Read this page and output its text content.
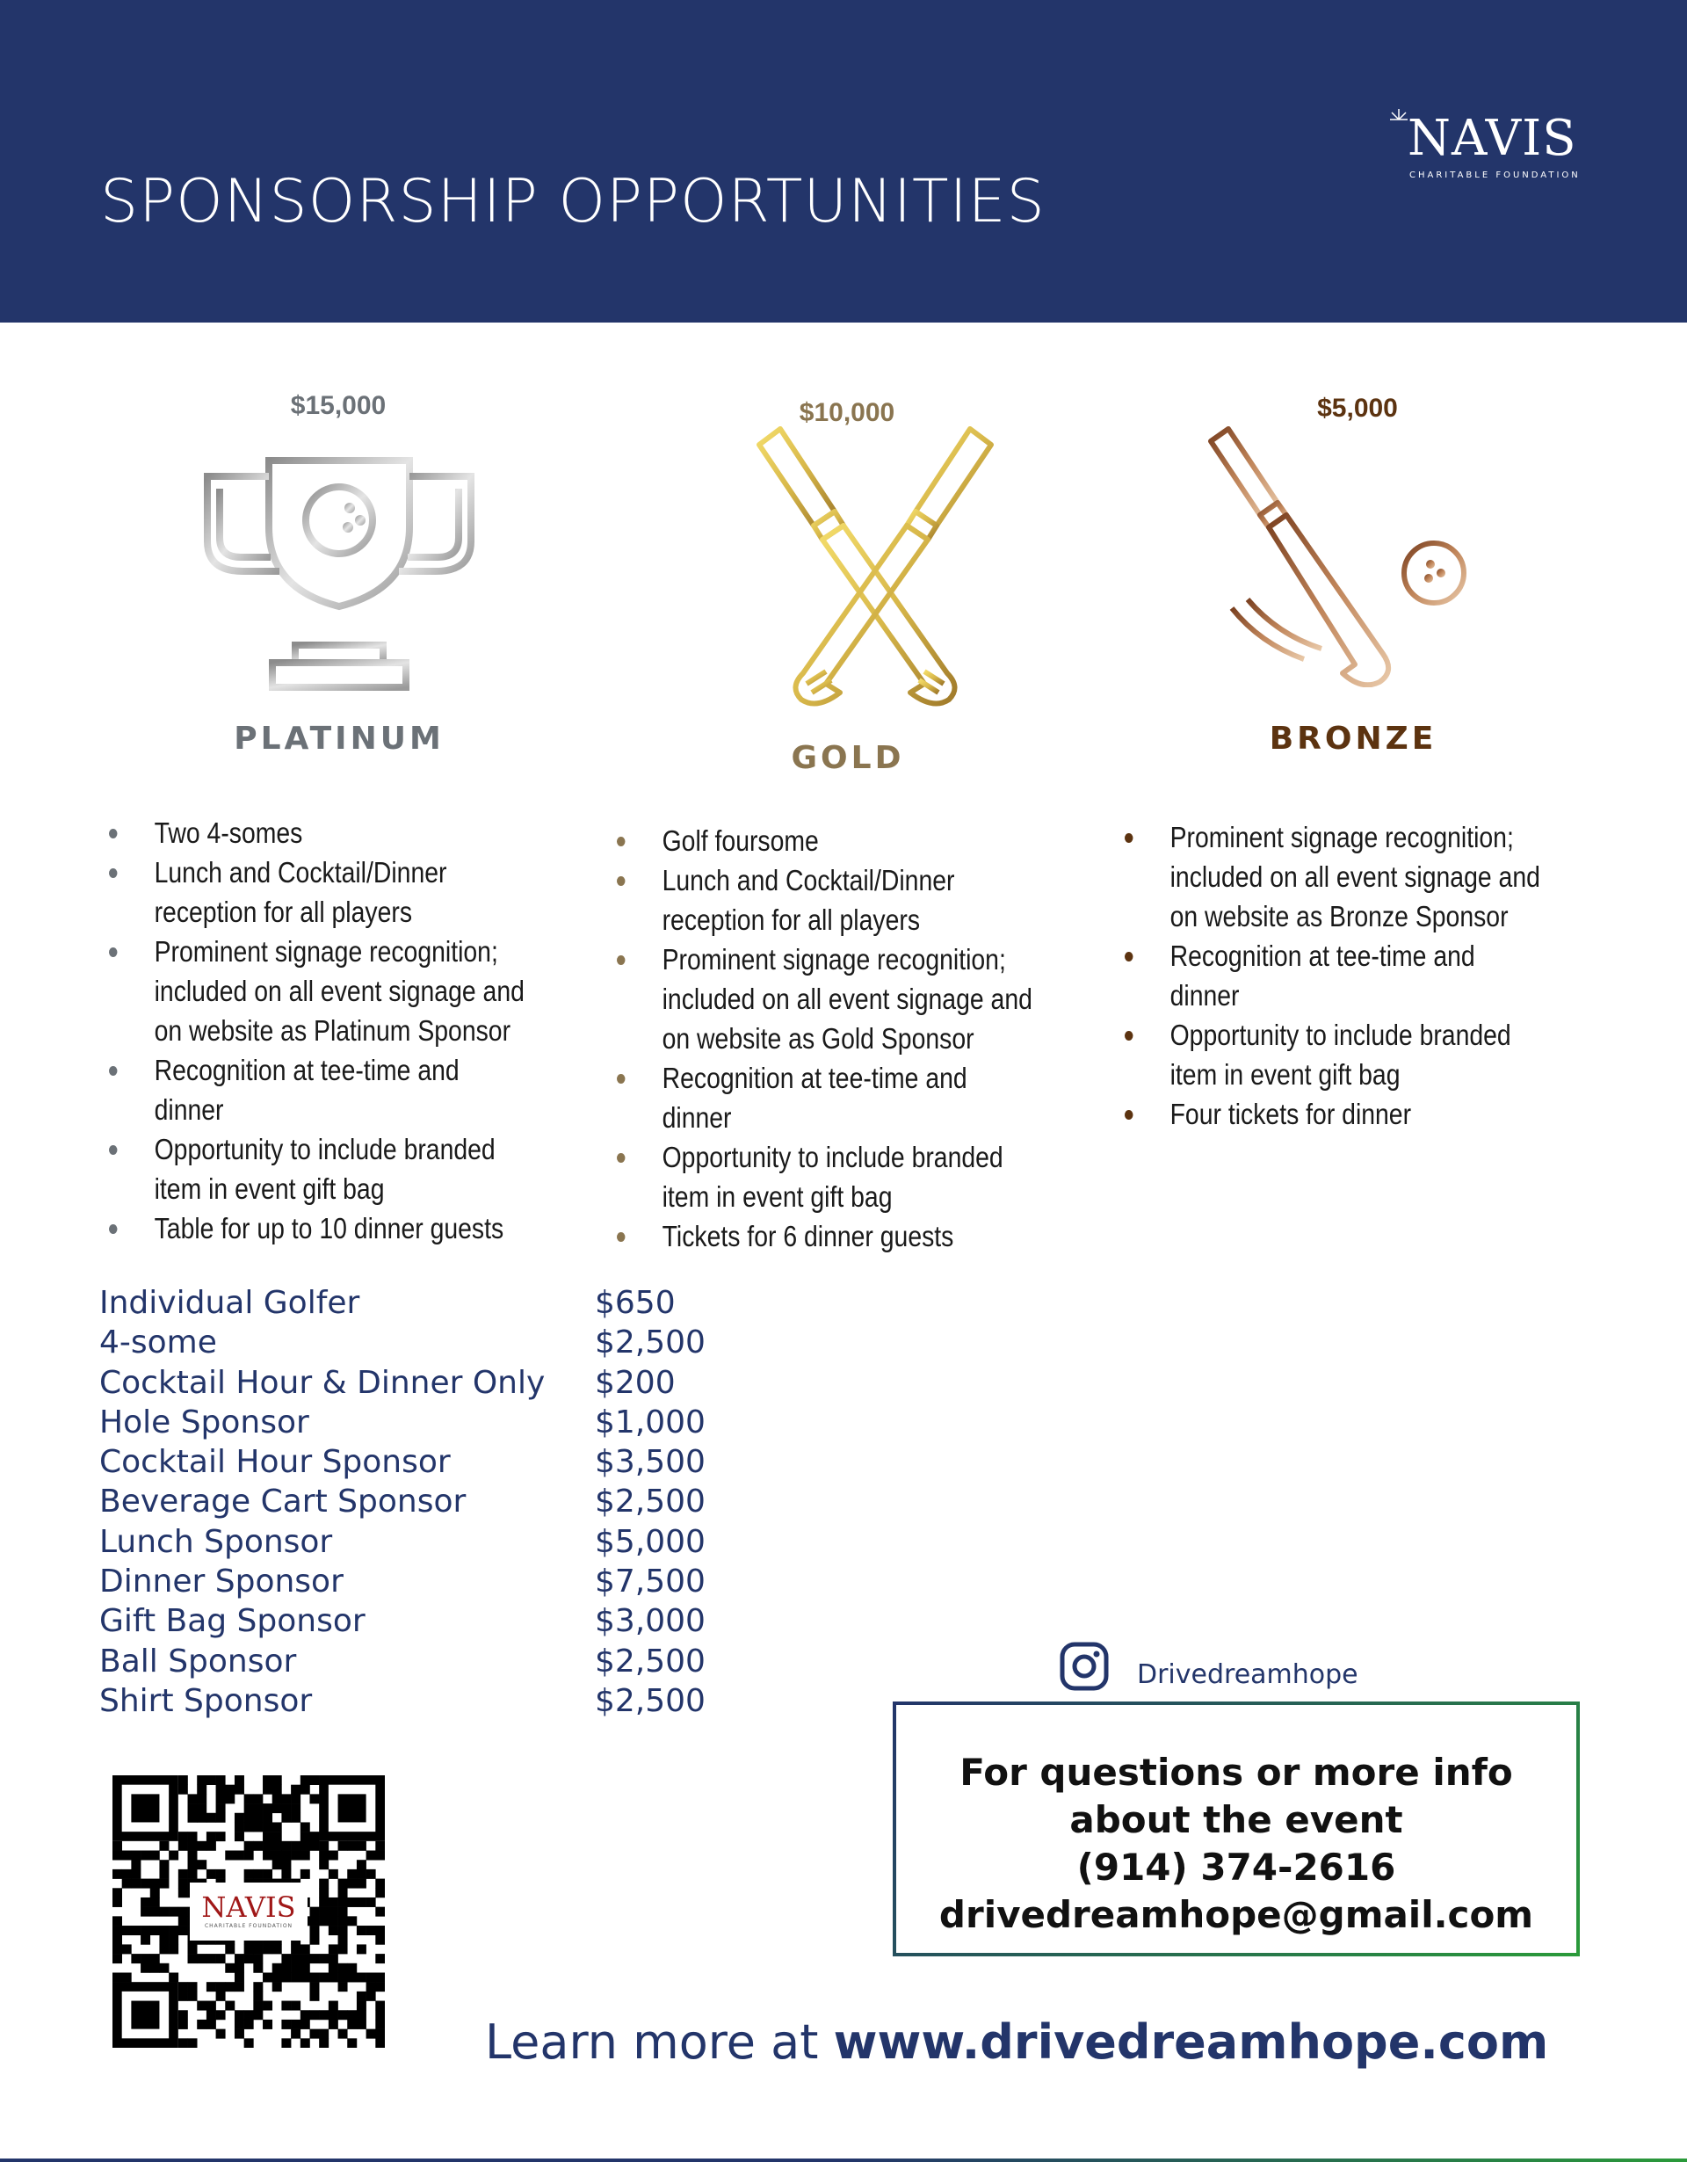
SPONSORSHIP OPPORTUNITIES
NAVIS
CHARITABLE FOUNDATION
$15,000
PLATINUM
Two 4-somes
Lunch and Cocktail/Dinner
reception for all players
Prominent signage recognition;
included on all event signage and
on website as Platinum Sponsor
Recognition at tee-time and
dinner
Opportunity to include branded
item in event gift bag
Table for up to 10 dinner guests
$10,000
GOLD
Golf foursome
Lunch and Cocktail/Dinner
reception for all players
Prominent signage recognition;
included on all event signage and
on website as Gold Sponsor
Recognition at tee-time and
dinner
Opportunity to include branded
item in event gift bag
Tickets for 6 dinner guests
$5,000
BRONZE
Prominent signage recognition;
included on all event signage and
on website as Bronze Sponsor
Recognition at tee-time and
dinner
Opportunity to include branded
item in event gift bag
Four tickets for dinner
Individual Golfer	$650
4-some	$2,500
Cocktail Hour & Dinner Only $200
Hole Sponsor	$1,000
Cocktail Hour Sponsor	$3,500
Beverage Cart Sponsor	$2,500
Lunch Sponsor	$5,000
Dinner Sponsor	$7,500
Gift Bag Sponsor	$3,000
Ball Sponsor	$2,500
Shirt Sponsor	$2,500
NAVIS
CHARITABLE FOUNDATION
Drivedreamhope
For questions or more info
about the event
(914) 374-2616
drivedreamhope@gmail.com
Learn more at www.drivedreamhope.com
